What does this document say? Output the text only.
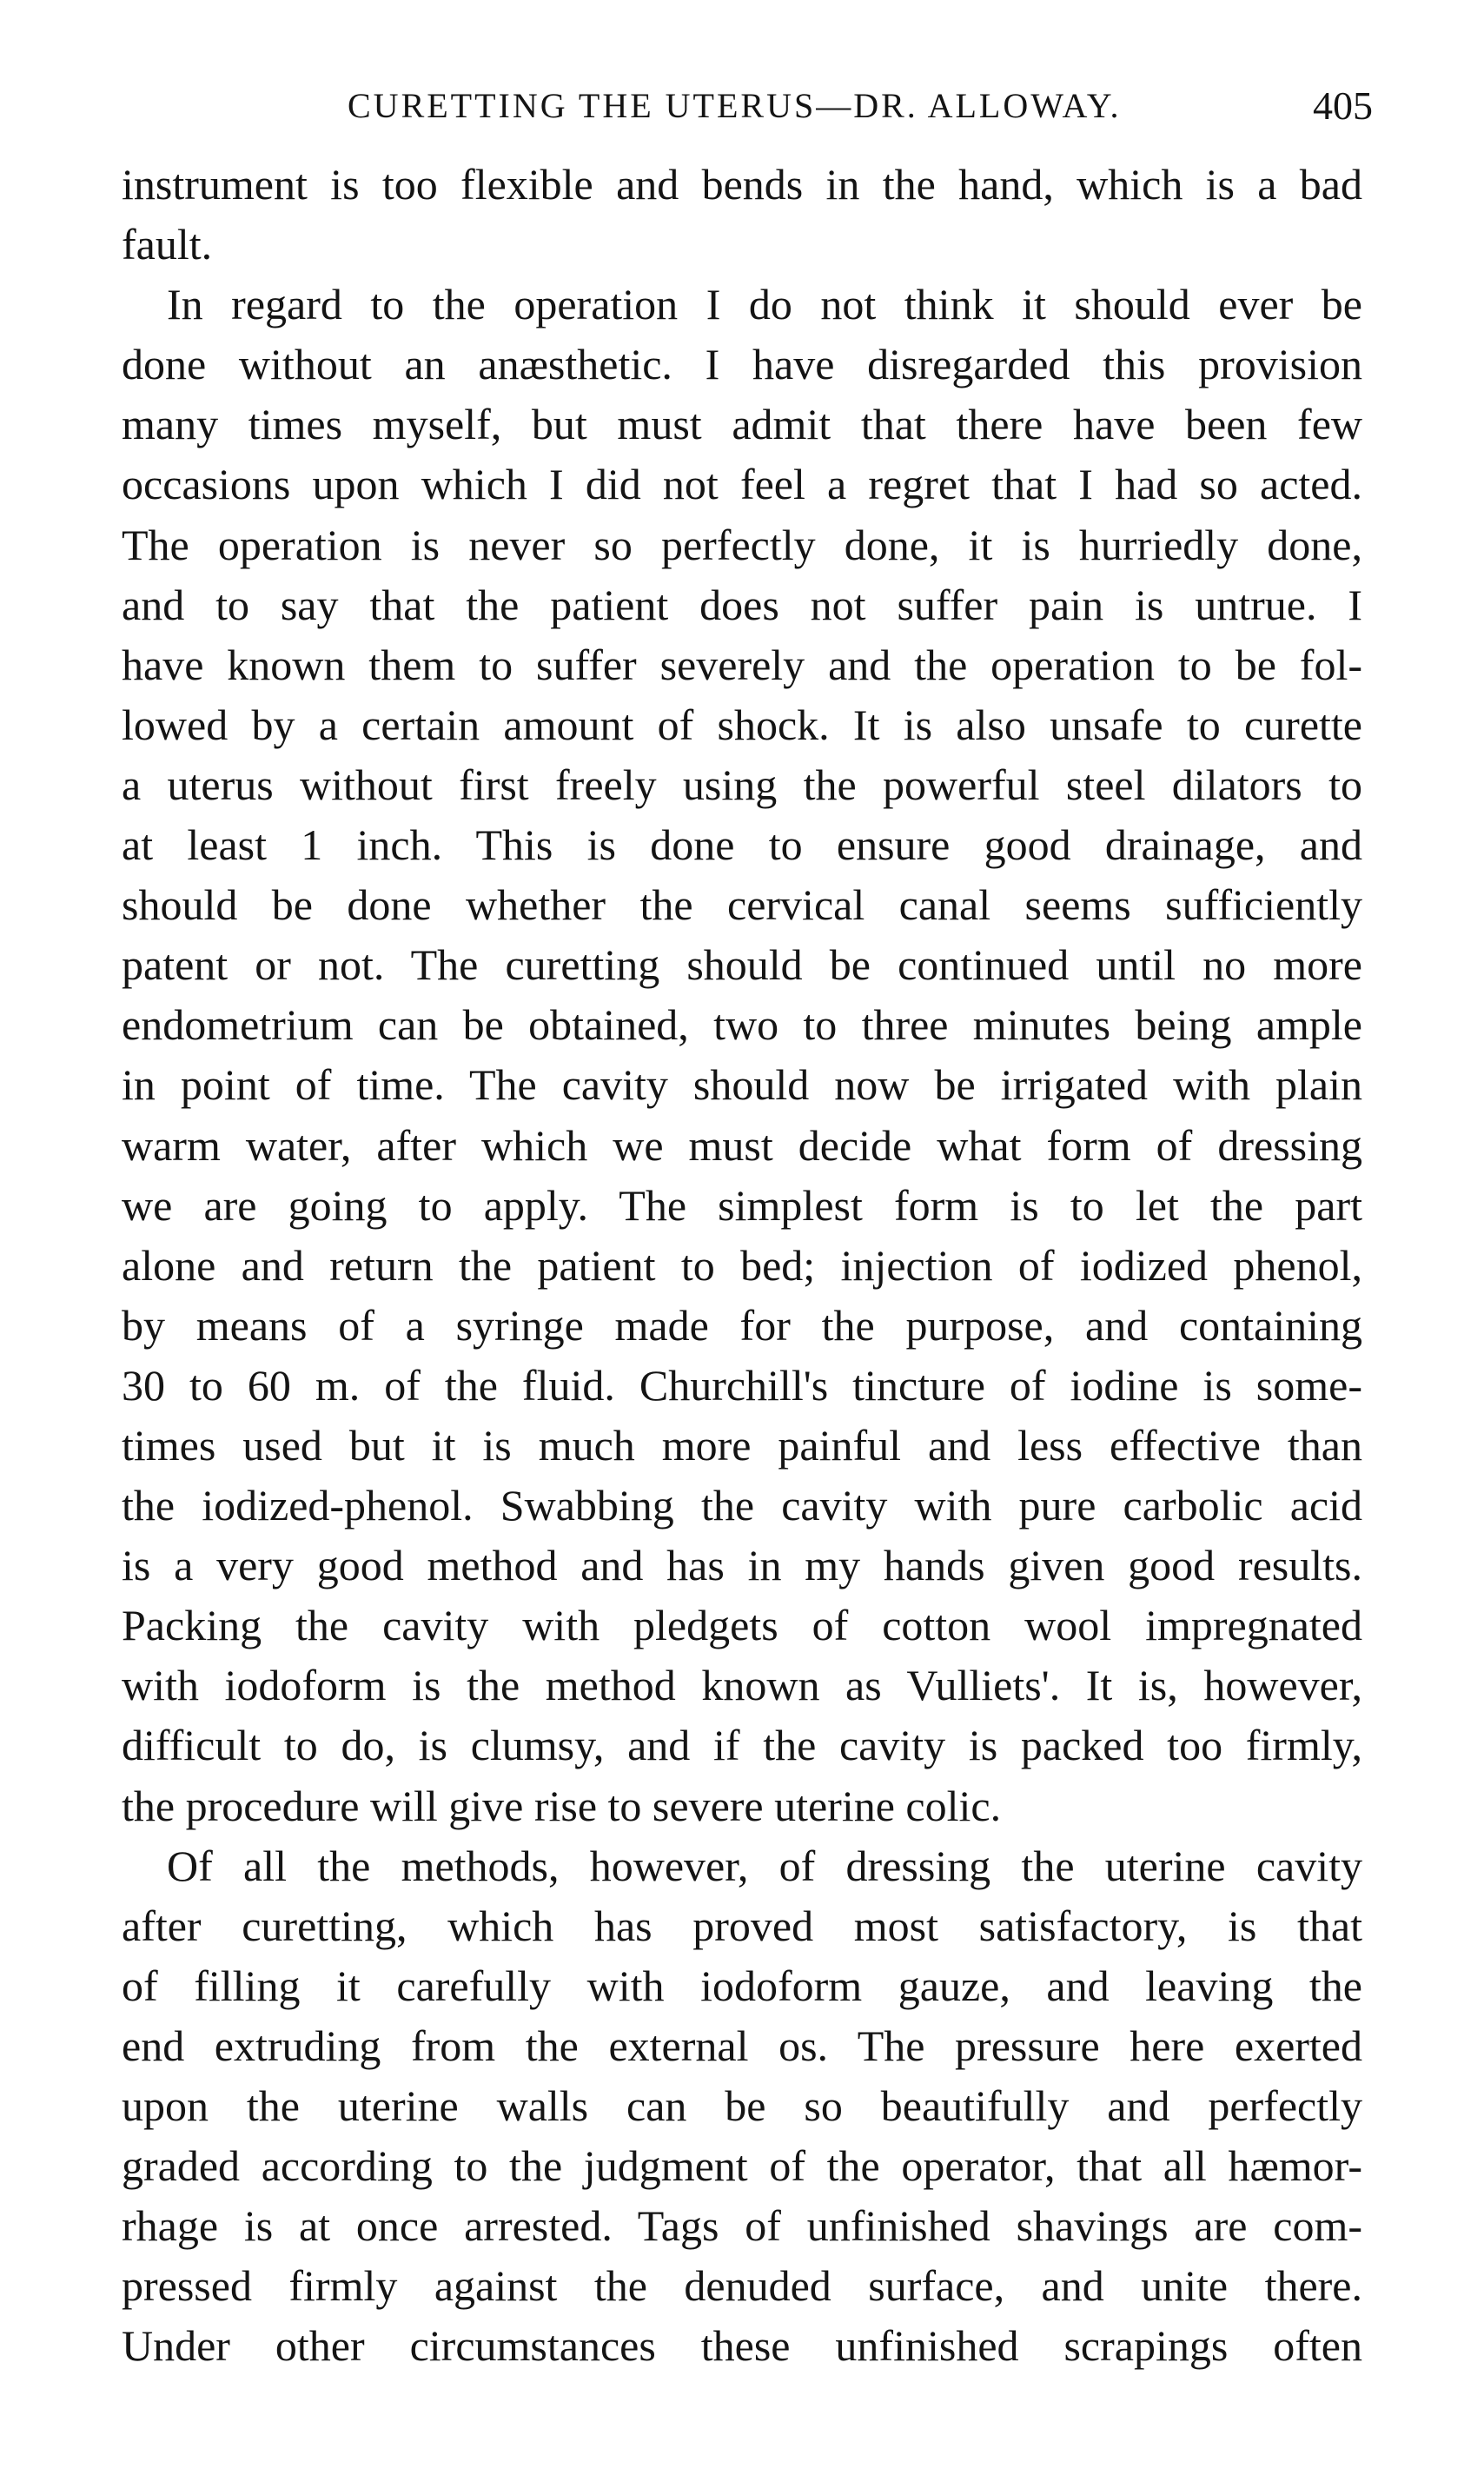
CURETTING THE UTERUS—DR. ALLOWAY.	405
instrument is too flexible and bends in the hand, which is a bad
fault.
In regard to the operation I do not think it should ever be
done without an anæsthetic. I have disregarded this provision
many times myself, but must admit that there have been few
occasions upon which I did not feel a regret that I had so acted.
The operation is never so perfectly done, it is hurriedly done,
and to say that the patient does not suffer pain is untrue. I
have known them to suffer severely and the operation to be fol-
lowed by a certain amount of shock. It is also unsafe to curette
a uterus without first freely using the powerful steel dilators to
at least 1 inch. This is done to ensure good drainage, and
should be done whether the cervical canal seems sufficiently
patent or not. The curetting should be continued until no more
endometrium can be obtained, two to three minutes being ample
in point of time. The cavity should now be irrigated with plain
warm water, after which we must decide what form of dressing
we are going to apply. The simplest form is to let the part
alone and return the patient to bed; injection of iodized phenol,
by means of a syringe made for the purpose, and containing
30 to 60 m. of the fluid. Churchill's tincture of iodine is some-
times used but it is much more painful and less effective than
the iodized-phenol. Swabbing the cavity with pure carbolic acid
is a very good method and has in my hands given good results.
Packing the cavity with pledgets of cotton wool impregnated
with iodoform is the method known as Vulliets'. It is, however,
difficult to do, is clumsy, and if the cavity is packed too firmly,
the procedure will give rise to severe uterine colic.
Of all the methods, however, of dressing the uterine cavity
after curetting, which has proved most satisfactory, is that
of filling it carefully with iodoform gauze, and leaving the
end extruding from the external os. The pressure here exerted
upon the uterine walls can be so beautifully and perfectly
graded according to the judgment of the operator, that all hæmor-
rhage is at once arrested. Tags of unfinished shavings are com-
pressed firmly against the denuded surface, and unite there.
Under other circumstances these unfinished scrapings often
